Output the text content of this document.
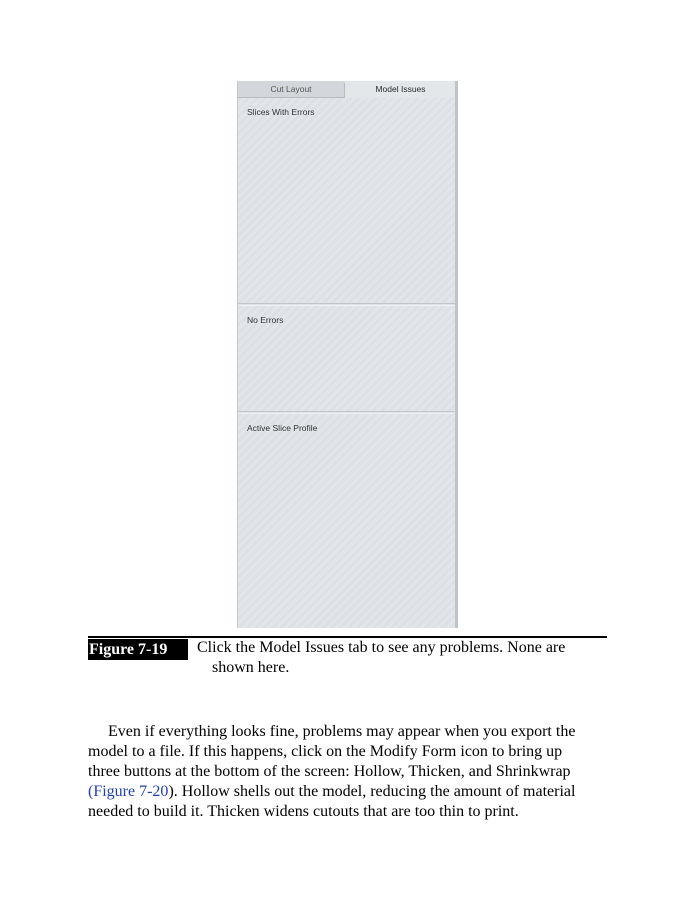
Cut Layout	Model Issues
Slices With Errors
No Errors
Active Slice Profile
Figure 7-19	Click the Model Issues tab to see any problems. None are
shown here.

Even if everything looks fine, problems may appear when you export the

model to a file. If this happens, click on the Modify Form icon to bring up

three buttons at the bottom of the screen: Hollow, Thicken, and Shrinkwrap

(Figure 7-20). Hollow shells out the model, reducing the amount of material

needed to build it. Thicken widens cutouts that are too thin to print.
